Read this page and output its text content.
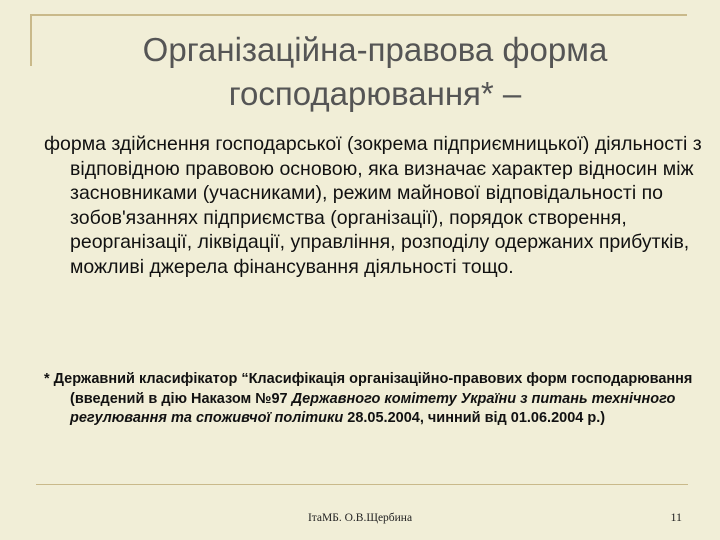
Організаційна-правова форма
господарювання* –

форма здійснення господарської (зокрема підприємницької) діяльності з відповідною правовою основою, яка визначає характер відносин між засновниками (учасниками), режим майнової відповідальності по зобов'язаннях підприємства (організації), порядок створення, реорганізації, ліквідації, управління, розподілу одержаних прибутків, можливі джерела фінансування діяльності тощо.

* Державний класифікатор “Класифікація організаційно-правових форм господарювання (введений в дію Наказом №97 Державного комітету України з питань технічного регулювання та споживчої політики 28.05.2004, чинний від 01.06.2004 р.)

ІтаМБ. О.В.Щербина	11
